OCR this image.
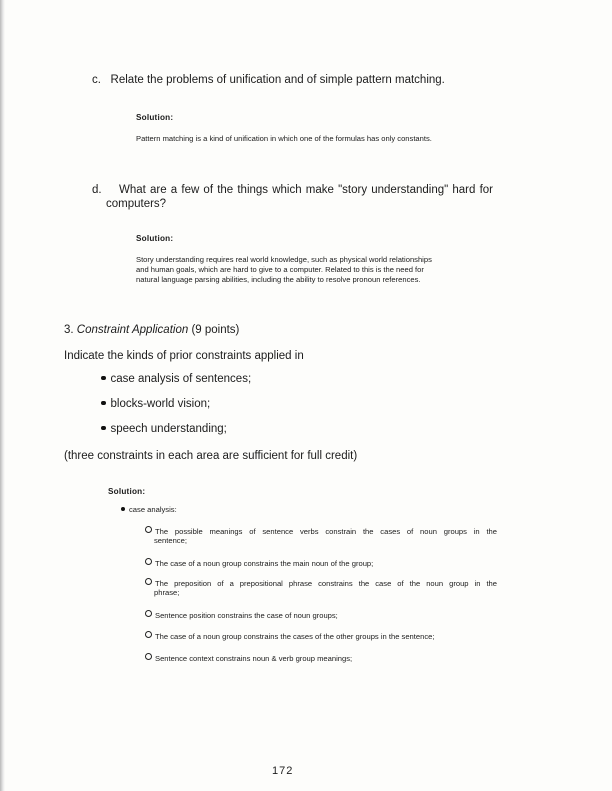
c. Relate the problems of unification and of simple pattern matching.
Solution:
Pattern matching is a kind of unification in which one of the formulas has only constants.
d. What are a few of the things which make "story understanding" hard for
computers?
Solution:
Story understanding requires real world knowledge, such as physical world relationships
and human goals, which are hard to give to a computer. Related to this is the need for
natural language parsing abilities, including the ability to resolve pronoun references.
3. Constraint Application (9 points)
Indicate the kinds of prior constraints applied in
case analysis of sentences;
blocks-world vision;
speech understanding;
(three constraints in each area are sufficient for full credit)
Solution:
case analysis:
The possible meanings of sentence verbs constrain the cases of noun groups in the
sentence;
The case of a noun group constrains the main noun of the group;
The preposition of a prepositional phrase constrains the case of the noun group in the
phrase;
Sentence position constrains the case of noun groups;
The case of a noun group constrains the cases of the other groups in the sentence;
Sentence context constrains noun & verb group meanings;
172
